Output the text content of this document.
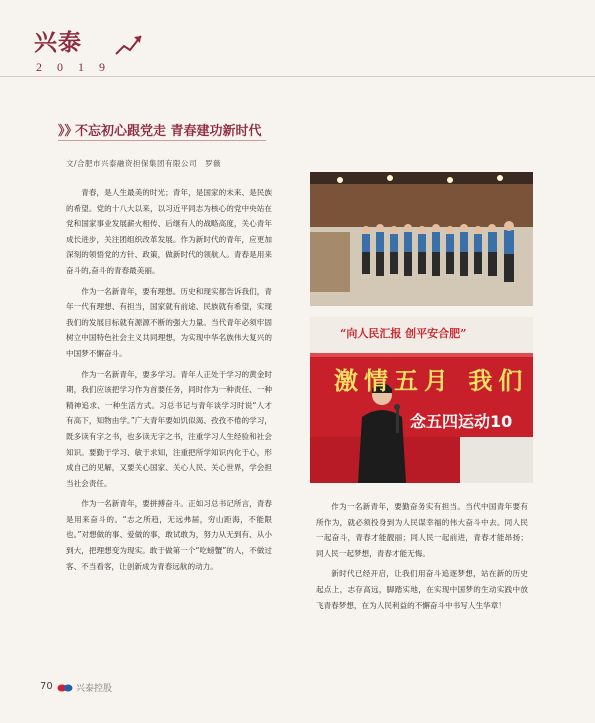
兴泰
2019
》》
不忘初心跟党走 青春建功新时代
文/合肥市兴泰融资担保集团有限公司　罗薇

青春，是人生最美的时光；青年，是国家的未来、是民族的希望。党的十八大以来，以习近平同志为核心的党中央站在党和国家事业发展薪火相传、后继有人的战略高度，关心青年成长进步，关注团组织改革发展。作为新时代的青年，应更加深刻的领悟党的方针、政策，做新时代的领航人。青春是用来奋斗的,奋斗的青春最美丽。

作为一名新青年，要有理想。历史和现实都告诉我们，青年一代有理想、有担当，国家就有前途、民族就有希望，实现我们的发展目标就有源源不断的强大力量。当代青年必须牢固树立中国特色社会主义共同理想，为实现中华名族伟大复兴的中国梦不懈奋斗。

作为一名新青年，要多学习。青年人正处于学习的黄金时期，我们应该把学习作为首要任务，同时作为一种责任、一种精神追求、一种生活方式。习总书记与青年谈学习时说“人才有高下，知物由学。”广大青年要如饥似渴、孜孜不倦的学习，既多读有字之书，也多读无字之书，注重学习人生经验和社会知识。要勤于学习、敏于求知，注重把所学知识内化于心，形成自己的见解，又要关心国家、关心人民、关心世界，学会担当社会责任。

作为一名新青年，要拼搏奋斗。正如习总书记所言，青春是用来奋斗的。“志之所趋，无远弗届，穷山距海，不能限也。”对想做的事、爱做的事，敢试敢为，努力从无到有、从小到大，把理想变为现实。敢于做第一个“吃螃蟹”的人，不做过客、不当看客，让创新成为青春远航的动力。

“向人民汇报 创平安合肥”
激情五月 我们
念五四运动10

作为一名新青年，要勤奋务实有担当。当代中国青年要有所作为，就必须投身到为人民谋幸福的伟大奋斗中去。同人民一起奋斗，青春才能靓丽；同人民一起前进，青春才能昂扬；同人民一起梦想，青春才能无悔。

新时代已经开启，让我们用奋斗追逐梦想，站在新的历史起点上，志存高远，脚踏实地，在实现中国梦的生动实践中放飞青春梦想，在为人民利益的不懈奋斗中书写人生华章！

70	兴泰控股
